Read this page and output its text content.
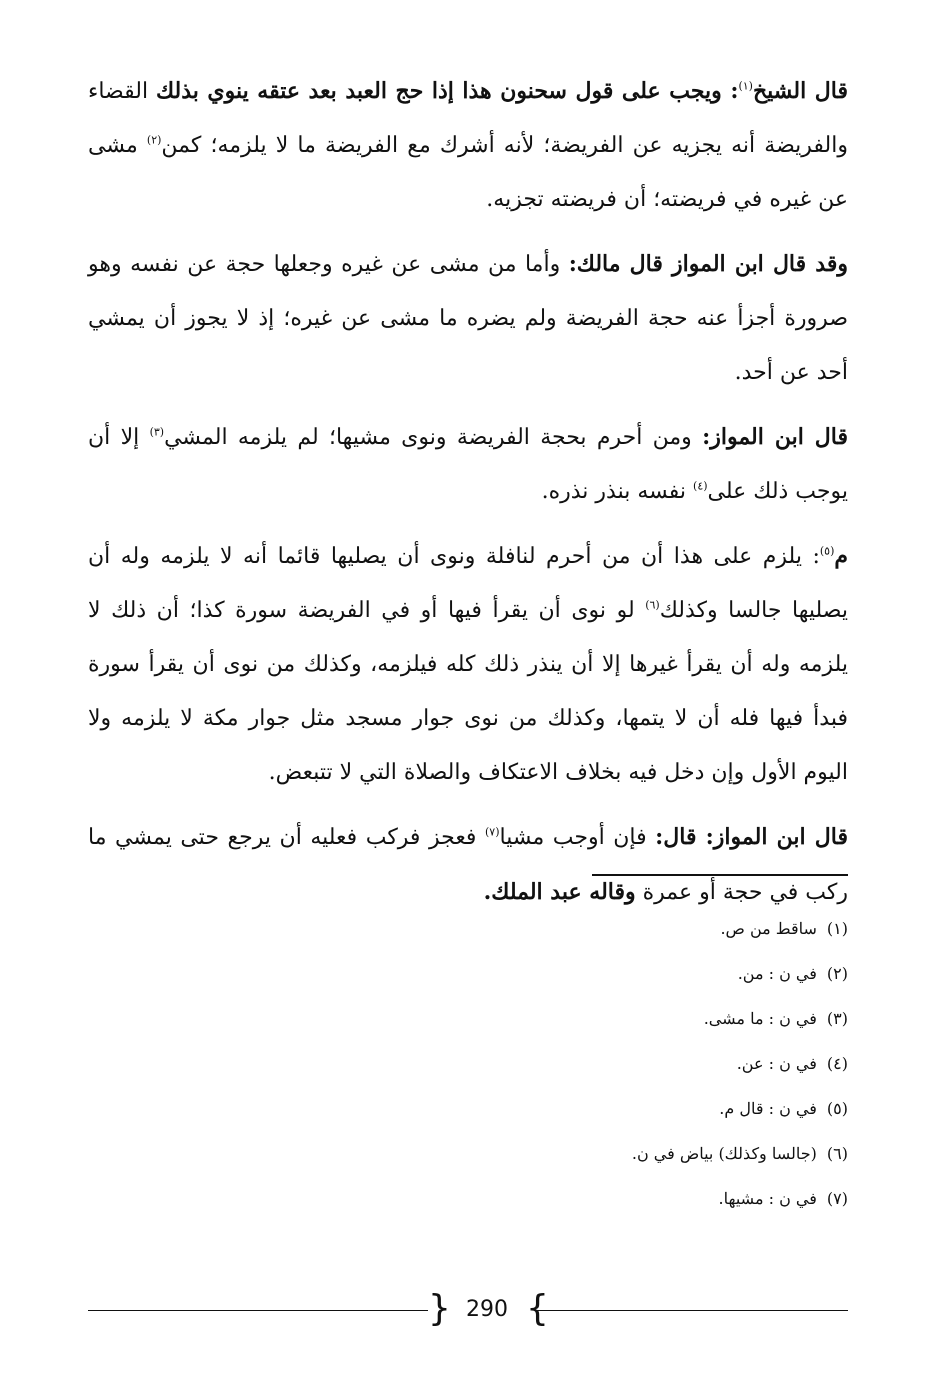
قال الشيخ$^{(١)}$: ويجب على قول سحنون هذا إذا حج العبد بعد عتقه ينوي بذلك القضاء والفريضة أنه يجزيه عن الفريضة؛ لأنه أشرك مع الفريضة ما لا يلزمه؛ كمن$^{(٢)}$ مشى عن غيره في فريضته؛ أن فريضته تجزيه.

وقد قال ابن المواز قال مالك: وأما من مشى عن غيره وجعلها حجة عن نفسه وهو صرورة أجزأ عنه حجة الفريضة ولم يضره ما مشى عن غيره؛ إذ لا يجوز أن يمشي أحد عن أحد.

قال ابن المواز: ومن أحرم بحجة الفريضة ونوى مشيها؛ لم يلزمه المشي$^{(٣)}$ إلا أن يوجب ذلك على$^{(٤)}$ نفسه بنذر نذره.

م$^{(٥)}$: يلزم على هذا أن من أحرم لنافلة ونوى أن يصليها قائما أنه لا يلزمه وله أن يصليها جالسا وكذلك$^{(٦)}$ لو نوى أن يقرأ فيها أو في الفريضة سورة كذا؛ أن ذلك لا يلزمه وله أن يقرأ غيرها إلا أن ينذر ذلك كله فيلزمه، وكذلك من نوى أن يقرأ سورة فبدأ فيها فله أن لا يتمها، وكذلك من نوى جوار مسجد مثل جوار مكة لا يلزمه ولا اليوم الأول وإن دخل فيه بخلاف الاعتكاف والصلاة التي لا تتبعض.

قال ابن المواز: قال: فإن أوجب مشيا$^{(٧)}$ فعجز فركب فعليه أن يرجع حتى يمشي ما ركب في حجة أو عمرة وقاله عبد الملك.

(١)ساقط من ص.
(٢)في ن : من.
(٣)في ن : ما مشى.
(٤)في ن : عن.
(٥)في ن : قال م.
(٦)(جالسا وكذلك) بياض في ن.
(٧)في ن : مشيها.
{ 290 }
